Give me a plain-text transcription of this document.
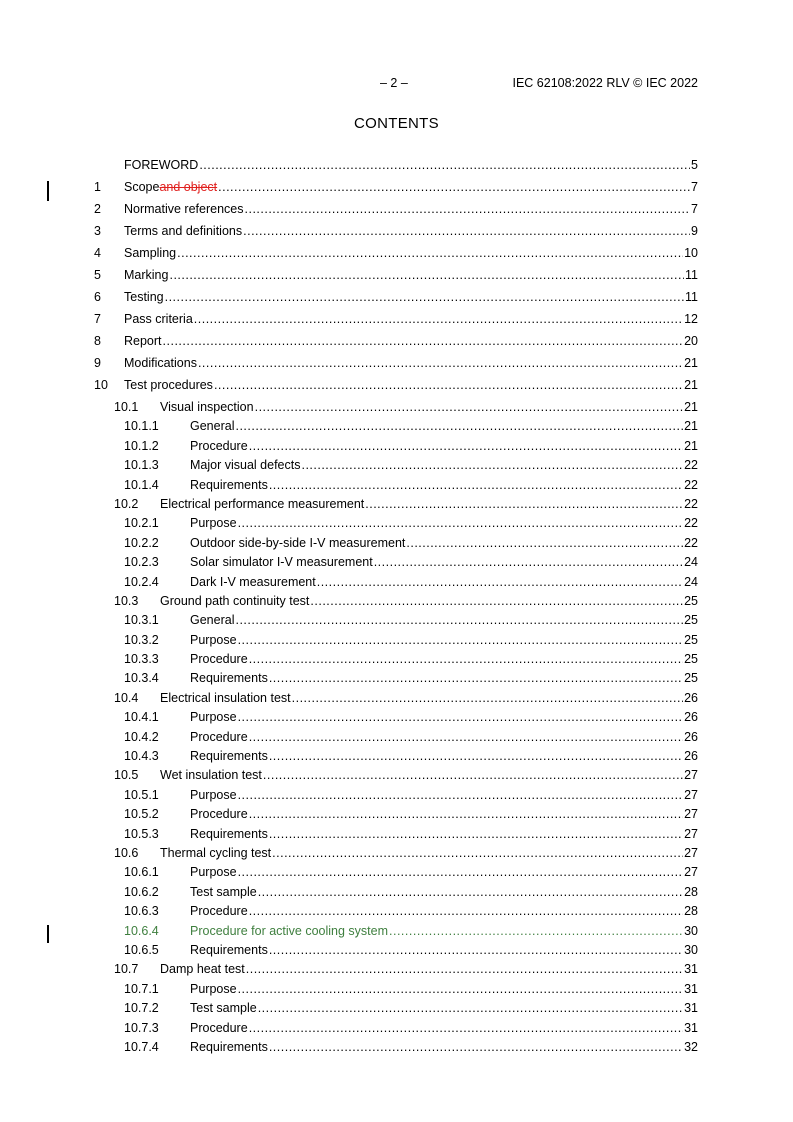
– 2 –	IEC 62108:2022 RLV © IEC 2022
CONTENTS
FOREWORD .....	5
1	Scope and object .....	7
2	Normative references .....	7
3	Terms and definitions .....	9
4	Sampling .....	10
5	Marking .....	11
6	Testing .....	11
7	Pass criteria .....	12
8	Report .....	20
9	Modifications .....	21
10	Test procedures .....	21
10.1	Visual inspection .....	21
10.1.1	General .....	21
10.1.2	Procedure .....	21
10.1.3	Major visual defects .....	22
10.1.4	Requirements .....	22
10.2	Electrical performance measurement .....	22
10.2.1	Purpose .....	22
10.2.2	Outdoor side-by-side I-V measurement .....	22
10.2.3	Solar simulator I-V measurement .....	24
10.2.4	Dark I-V measurement .....	24
10.3	Ground path continuity test .....	25
10.3.1	General .....	25
10.3.2	Purpose .....	25
10.3.3	Procedure .....	25
10.3.4	Requirements .....	25
10.4	Electrical insulation test .....	26
10.4.1	Purpose .....	26
10.4.2	Procedure .....	26
10.4.3	Requirements .....	26
10.5	Wet insulation test .....	27
10.5.1	Purpose .....	27
10.5.2	Procedure .....	27
10.5.3	Requirements .....	27
10.6	Thermal cycling test .....	27
10.6.1	Purpose .....	27
10.6.2	Test sample .....	28
10.6.3	Procedure .....	28
10.6.4	Procedure for active cooling system .....	30
10.6.5	Requirements .....	30
10.7	Damp heat test .....	31
10.7.1	Purpose .....	31
10.7.2	Test sample .....	31
10.7.3	Procedure .....	31
10.7.4	Requirements .....	32
